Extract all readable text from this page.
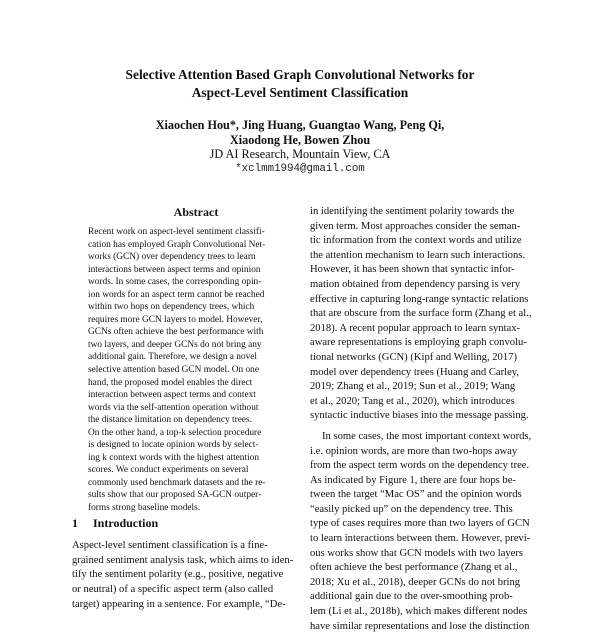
Selective Attention Based Graph Convolutional Networks for
Aspect-Level Sentiment Classification
Xiaochen Hou*, Jing Huang, Guangtao Wang, Peng Qi,
Xiaodong He, Bowen Zhou
JD AI Research, Mountain View, CA
*xclmm1994@gmail.com
Abstract
Recent work on aspect-level sentiment classifi-
cation has employed Graph Convolutional Net-
works (GCN) over dependency trees to learn
interactions between aspect terms and opinion
words. In some cases, the corresponding opin-
ion words for an aspect term cannot be reached
within two hops on dependency trees, which
requires more GCN layers to model. However,
GCNs often achieve the best performance with
two layers, and deeper GCNs do not bring any
additional gain. Therefore, we design a novel
selective attention based GCN model. On one
hand, the proposed model enables the direct
interaction between aspect terms and context
words via the self-attention operation without
the distance limitation on dependency trees.
On the other hand, a top-k selection procedure
is designed to locate opinion words by select-
ing k context words with the highest attention
scores. We conduct experiments on several
commonly used benchmark datasets and the re-
sults show that our proposed SA-GCN outper-
forms strong baseline models.
1 Introduction
Aspect-level sentiment classification is a fine-
grained sentiment analysis task, which aims to iden-
tify the sentiment polarity (e.g., positive, negative
or neutral) of a specific aspect term (also called
target) appearing in a sentence. For example, “De-
in identifying the sentiment polarity towards the
given term. Most approaches consider the seman-
tic information from the context words and utilize
the attention mechanism to learn such interactions.
However, it has been shown that syntactic infor-
mation obtained from dependency parsing is very
effective in capturing long-range syntactic relations
that are obscure from the surface form (Zhang et al.,
2018). A recent popular approach to learn syntax-
aware representations is employing graph convolu-
tional networks (GCN) (Kipf and Welling, 2017)
model over dependency trees (Huang and Carley,
2019; Zhang et al., 2019; Sun et al., 2019; Wang
et al., 2020; Tang et al., 2020), which introduces
syntactic inductive biases into the message passing.
In some cases, the most important context words,
i.e. opinion words, are more than two-hops away
from the aspect term words on the dependency tree.
As indicated by Figure 1, there are four hops be-
tween the target “Mac OS” and the opinion words
“easily picked up” on the dependency tree. This
type of cases requires more than two layers of GCN
to learn interactions between them. However, previ-
ous works show that GCN models with two layers
often achieve the best performance (Zhang et al.,
2018; Xu et al., 2018), deeper GCNs do not bring
additional gain due to the over-smoothing prob-
lem (Li et al., 2018b), which makes different nodes
have similar representations and lose the distinction
